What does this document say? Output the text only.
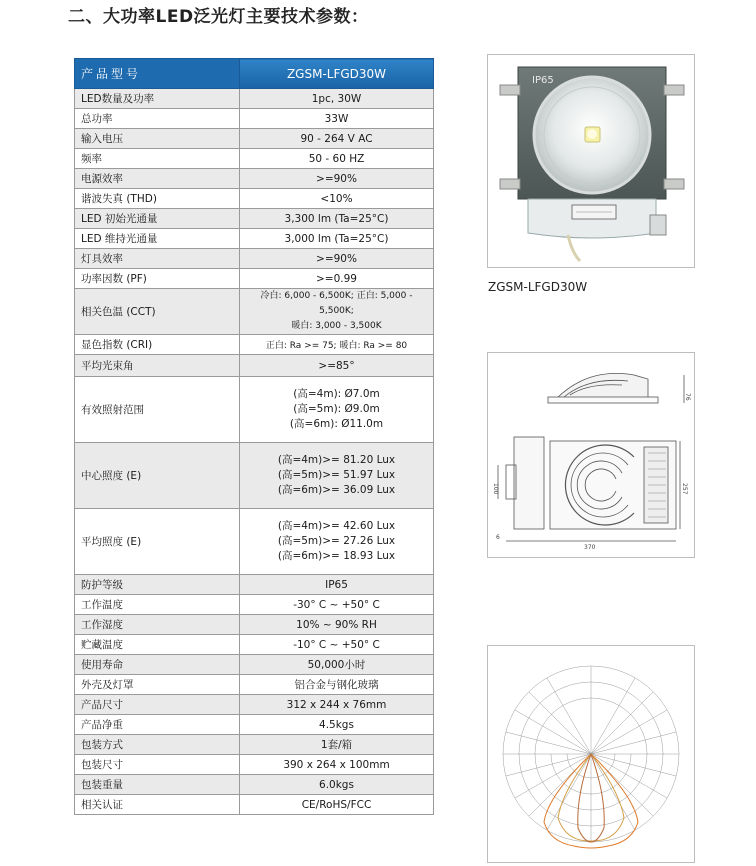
二、大功率LED泛光灯主要技术参数：
产品型号	ZGSM-LFGD30W
LED数量及功率	1pc, 30W
总功率	33W
输入电压	90 - 264 V AC
频率	50 - 60 HZ
电源效率	>=90%
谐波失真 (THD)	<10%
LED 初始光通量	3,300 lm (Ta=25°C)
LED 维持光通量	3,000 lm (Ta=25°C)
灯具效率	>=90%
功率因数 (PF)	>=0.99
相关色温 (CCT)	冷白: 6,000 - 6,500K; 正白: 5,000 - 5,500K;
暖白: 3,000 - 3,500K

显色指数 (CRI)	正白: Ra >= 75; 暖白: Ra >= 80
平均光束角	>=85°
有效照射范围	(高=4m): Ø7.0m
(高=5m): Ø9.0m
(高=6m): Ø11.0m

中心照度 (E)	(高=4m)>= 81.20 Lux
(高=5m)>= 51.97 Lux
(高=6m)>= 36.09 Lux

平均照度 (E)	(高=4m)>= 42.60 Lux
(高=5m)>= 27.26 Lux
(高=6m)>= 18.93 Lux

防护等级	IP65
工作温度	-30° C ~ +50° C
工作湿度	10% ~ 90% RH
贮藏温度	-10° C ~ +50° C
使用寿命	50,000小时
外壳及灯罩	铝合金与钢化玻璃
产品尺寸	312 x 244 x 76mm
产品净重	4.5kgs
包装方式	1套/箱
包装尺寸	390 x 264 x 100mm
包装重量	6.0kgs
相关认证	CE/RoHS/FCC
IP65
ZGSM-LFGD30W
76
257
100
370
6
